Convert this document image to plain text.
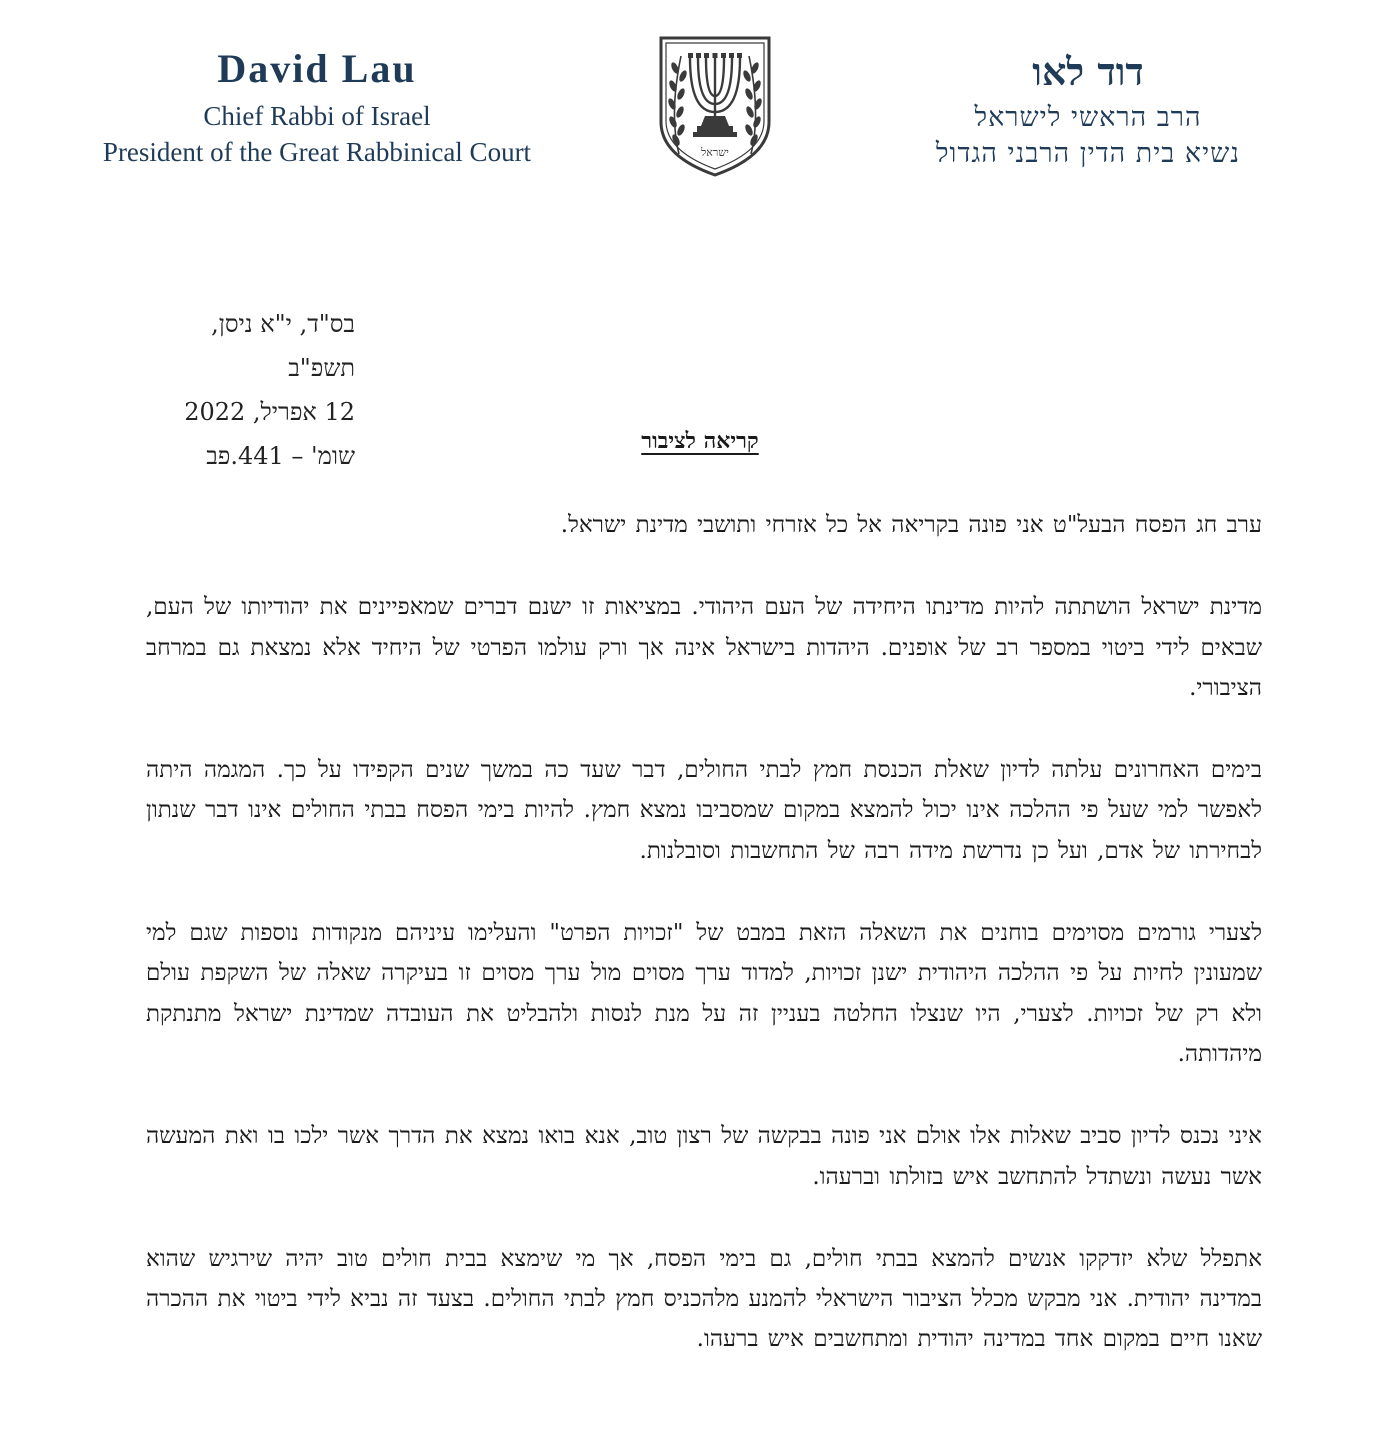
David Lau
Chief Rabbi of Israel
President of the Great Rabbinical Court	ישראל
דוד לאו
הרב הראשי לישראל
נשיא בית הדין הרבני הגדול
בס"ד, י"א ניסן, תשפ"ב
12 אפריל, 2022
שומ' – 441.פב
קריאה לציבור

ערב חג הפסח הבעל"ט אני פונה בקריאה אל כל אזרחי ותושבי מדינת ישראל.

מדינת ישראל הושתתה להיות מדינתו היחידה של העם היהודי. במציאות זו ישנם דברים שמאפיינים את יהודיותו של העם, שבאים לידי ביטוי במספר רב של אופנים. היהדות בישראל אינה אך ורק עולמו הפרטי של היחיד אלא נמצאת גם במרחב הציבורי.

בימים האחרונים עלתה לדיון שאלת הכנסת חמץ לבתי החולים, דבר שעד כה במשך שנים הקפידו על כך. המגמה היתה לאפשר למי שעל פי ההלכה אינו יכול להמצא במקום שמסביבו נמצא חמץ. להיות בימי הפסח בבתי החולים אינו דבר שנתון לבחירתו של אדם, ועל כן נדרשת מידה רבה של התחשבות וסובלנות.

לצערי גורמים מסוימים בוחנים את השאלה הזאת במבט של "זכויות הפרט" והעלימו עיניהם מנקודות נוספות שגם למי שמעונין לחיות על פי ההלכה היהודית ישנן זכויות, למדוד ערך מסוים מול ערך מסוים זו בעיקרה שאלה של השקפת עולם ולא רק של זכויות. לצערי, היו שנצלו החלטה בעניין זה על מנת לנסות ולהבליט את העובדה שמדינת ישראל מתנתקת מיהדותה.

איני נכנס לדיון סביב שאלות אלו אולם אני פונה בבקשה של רצון טוב, אנא בואו נמצא את הדרך אשר ילכו בו ואת המעשה אשר נעשה ונשתדל להתחשב איש בזולתו וברעהו.

אתפלל שלא יזדקקו אנשים להמצא בבתי חולים, גם בימי הפסח, אך מי שימצא בבית חולים טוב יהיה שירגיש שהוא במדינה יהודית. אני מבקש מכלל הציבור הישראלי להמנע מלהכניס חמץ לבתי החולים. בצעד זה נביא לידי ביטוי את ההכרה שאנו חיים במקום אחד במדינה יהודית ומתחשבים איש ברעהו.
